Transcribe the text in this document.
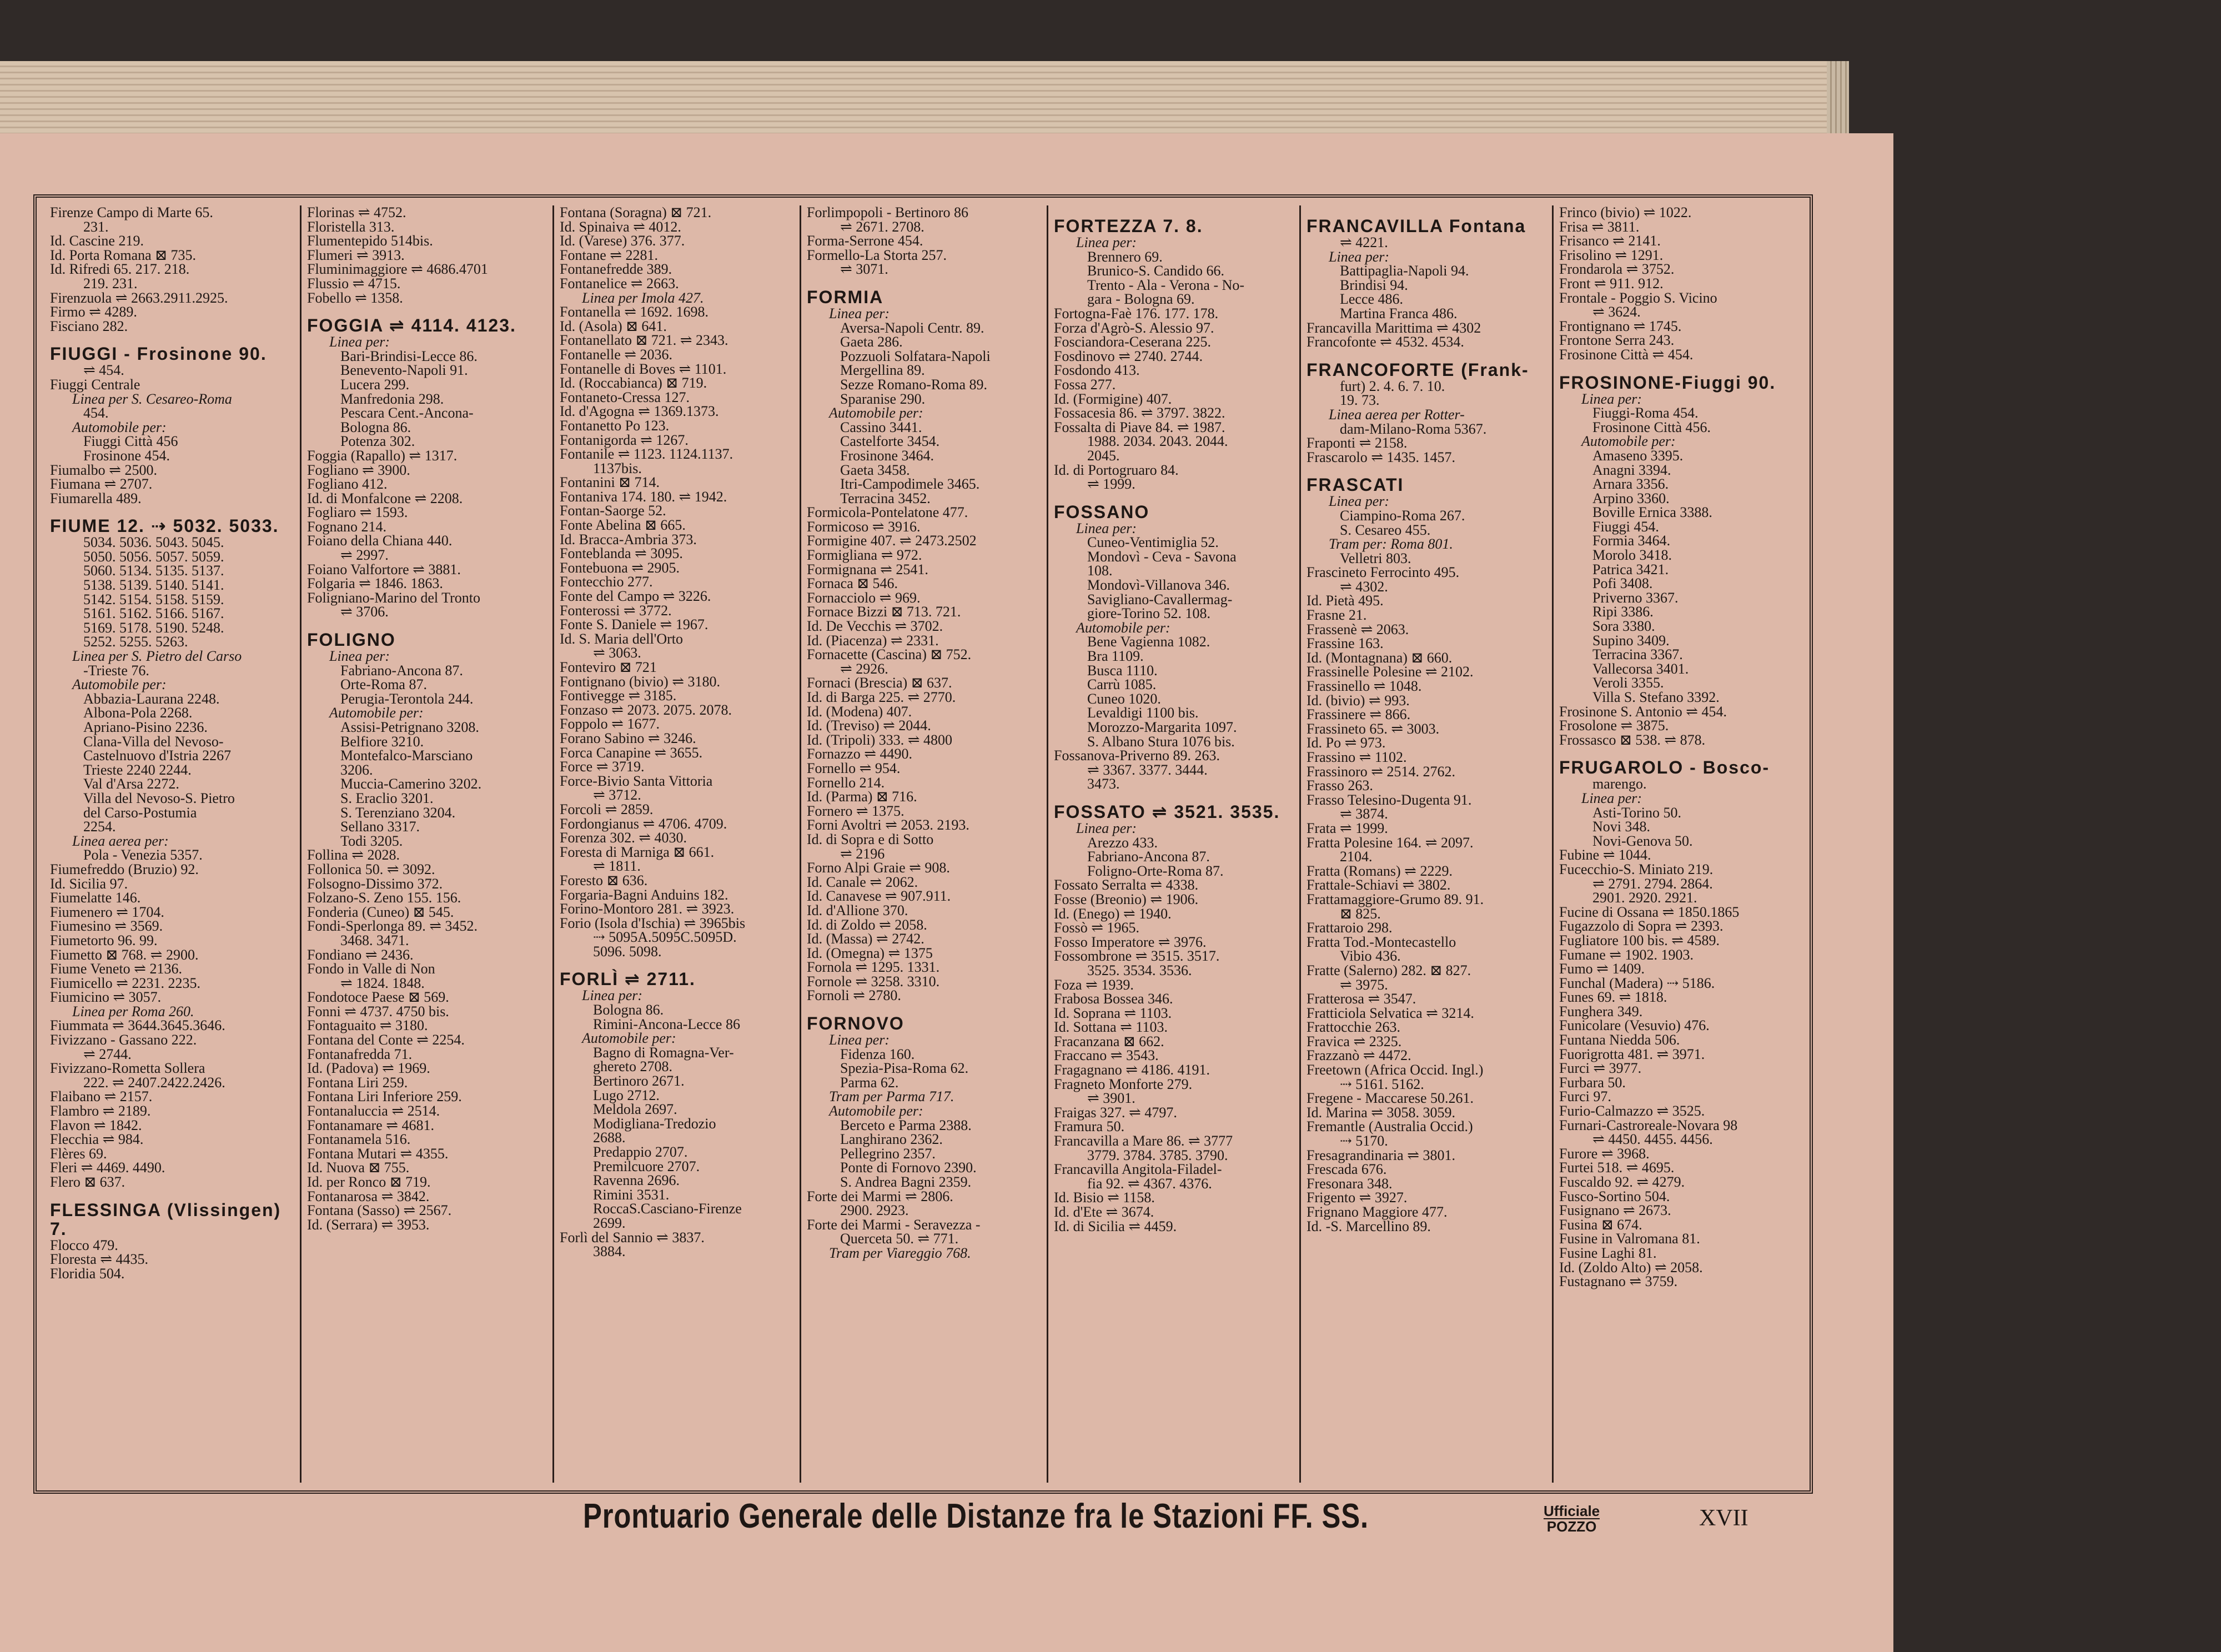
Firenze Campo di Marte 65.
231.
Id. Cascine 219.
Id. Porta Romana ⊠ 735.
Id. Rifredi 65. 217. 218.
219. 231.
Firenzuola ⇌ 2663.2911.2925.
Firmo ⇌ 4289.
Fisciano 282.
FIUGGI - Frosinone 90.
⇌ 454.
Fiuggi Centrale
Linea per S. Cesareo-Roma
454.
Automobile per:
Fiuggi Città 456
Frosinone 454.
Fiumalbo ⇌ 2500.
Fiumana ⇌ 2707.
Fiumarella 489.
FIUME 12. ⇢ 5032. 5033.
5034. 5036. 5043. 5045.
5050. 5056. 5057. 5059.
5060. 5134. 5135. 5137.
5138. 5139. 5140. 5141.
5142. 5154. 5158. 5159.
5161. 5162. 5166. 5167.
5169. 5178. 5190. 5248.
5252. 5255. 5263.
Linea per S. Pietro del Carso
-Trieste 76.
Automobile per:
Abbazia-Laurana 2248.
Albona-Pola 2268.
Apriano-Pisino 2236.
Clana-Villa del Nevoso-
Castelnuovo d'Istria 2267
Trieste 2240 2244.
Val d'Arsa 2272.
Villa del Nevoso-S. Pietro
del Carso-Postumia
2254.
Linea aerea per:
Pola - Venezia 5357.
Fiumefreddo (Bruzio) 92.
Id. Sicilia 97.
Fiumelatte 146.
Fiumenero ⇌ 1704.
Fiumesino ⇌ 3569.
Fiumetorto 96. 99.
Fiumetto ⊠ 768. ⇌ 2900.
Fiume Veneto ⇌ 2136.
Fiumicello ⇌ 2231. 2235.
Fiumicino ⇌ 3057.
Linea per Roma 260.
Fiummata ⇌ 3644.3645.3646.
Fivizzano - Gassano 222.
⇌ 2744.
Fivizzano-Rometta Sollera
222. ⇌ 2407.2422.2426.
Flaibano ⇌ 2157.
Flambro ⇌ 2189.
Flavon ⇌ 1842.
Flecchia ⇌ 984.
Flères 69.
Fleri ⇌ 4469. 4490.
Flero ⊠ 637.
FLESSINGA (Vlissingen) 7.
Flocco 479.
Floresta ⇌ 4435.
Floridia 504.
Florinas ⇌ 4752.
Floristella 313.
Flumentepido 514bis.
Flumeri ⇌ 3913.
Fluminimaggiore ⇌ 4686.4701
Flussio ⇌ 4715.
Fobello ⇌ 1358.
FOGGIA ⇌ 4114. 4123.
Linea per:
Bari-Brindisi-Lecce 86.
Benevento-Napoli 91.
Lucera 299.
Manfredonia 298.
Pescara Cent.-Ancona-
Bologna 86.
Potenza 302.
Foggia (Rapallo) ⇌ 1317.
Fogliano ⇌ 3900.
Fogliano 412.
Id. di Monfalcone ⇌ 2208.
Fogliaro ⇌ 1593.
Fognano 214.
Foiano della Chiana 440.
⇌ 2997.
Foiano Valfortore ⇌ 3881.
Folgaria ⇌ 1846. 1863.
Foligniano-Marino del Tronto
⇌ 3706.
FOLIGNO
Linea per:
Fabriano-Ancona 87.
Orte-Roma 87.
Perugia-Terontola 244.
Automobile per:
Assisi-Petrignano 3208.
Belfiore 3210.
Montefalco-Marsciano
3206.
Muccia-Camerino 3202.
S. Eraclio 3201.
S. Terenziano 3204.
Sellano 3317.
Todi 3205.
Follina ⇌ 2028.
Follonica 50. ⇌ 3092.
Folsogno-Dissimo 372.
Folzano-S. Zeno 155. 156.
Fonderia (Cuneo) ⊠ 545.
Fondi-Sperlonga 89. ⇌ 3452.
3468. 3471.
Fondiano ⇌ 2436.
Fondo in Valle di Non
⇌ 1824. 1848.
Fondotoce Paese ⊠ 569.
Fonni ⇌ 4737. 4750 bis.
Fontaguaito ⇌ 3180.
Fontana del Conte ⇌ 2254.
Fontanafredda 71.
Id. (Padova) ⇌ 1969.
Fontana Liri 259.
Fontana Liri Inferiore 259.
Fontanaluccia ⇌ 2514.
Fontanamare ⇌ 4681.
Fontanamela 516.
Fontana Mutari ⇌ 4355.
Id. Nuova ⊠ 755.
Id. per Ronco ⊠ 719.
Fontanarosa ⇌ 3842.
Fontana (Sasso) ⇌ 2567.
Id. (Serrara) ⇌ 3953.
Fontana (Soragna) ⊠ 721.
Id. Spinaiva ⇌ 4012.
Id. (Varese) 376. 377.
Fontane ⇌ 2281.
Fontanefredde 389.
Fontanelice ⇌ 2663.
Linea per Imola 427.
Fontanella ⇌ 1692. 1698.
Id. (Asola) ⊠ 641.
Fontanellato ⊠ 721. ⇌ 2343.
Fontanelle ⇌ 2036.
Fontanelle di Boves ⇌ 1101.
Id. (Roccabianca) ⊠ 719.
Fontaneto-Cressa 127.
Id. d'Agogna ⇌ 1369.1373.
Fontanetto Po 123.
Fontanigorda ⇌ 1267.
Fontanile ⇌ 1123. 1124.1137.
1137bis.
Fontanini ⊠ 714.
Fontaniva 174. 180. ⇌ 1942.
Fontan-Saorge 52.
Fonte Abelina ⊠ 665.
Id. Bracca-Ambria 373.
Fonteblanda ⇌ 3095.
Fontebuona ⇌ 2905.
Fontecchio 277.
Fonte del Campo ⇌ 3226.
Fonterossi ⇌ 3772.
Fonte S. Daniele ⇌ 1967.
Id. S. Maria dell'Orto
⇌ 3063.
Fonteviro ⊠ 721
Fontignano (bivio) ⇌ 3180.
Fontivegge ⇌ 3185.
Fonzaso ⇌ 2073. 2075. 2078.
Foppolo ⇌ 1677.
Forano Sabino ⇌ 3246.
Forca Canapine ⇌ 3655.
Force ⇌ 3719.
Force-Bivio Santa Vittoria
⇌ 3712.
Forcoli ⇌ 2859.
Fordongianus ⇌ 4706. 4709.
Forenza 302. ⇌ 4030.
Foresta di Marniga ⊠ 661.
⇌ 1811.
Foresto ⊠ 636.
Forgaria-Bagni Anduins 182.
Forino-Montoro 281. ⇌ 3923.
Forio (Isola d'Ischia) ⇌ 3965bis
⇢ 5095A.5095C.5095D.
5096. 5098.
FORLÌ ⇌ 2711.
Linea per:
Bologna 86.
Rimini-Ancona-Lecce 86
Automobile per:
Bagno di Romagna-Ver-
ghereto 2708.
Bertinoro 2671.
Lugo 2712.
Meldola 2697.
Modigliana-Tredozio
2688.
Predappio 2707.
Premilcuore 2707.
Ravenna 2696.
Rimini 3531.
RoccaS.Casciano-Firenze
2699.
Forlì del Sannio ⇌ 3837.
3884.
Forlimpopoli - Bertinoro 86
⇌ 2671. 2708.
Forma-Serrone 454.
Formello-La Storta 257.
⇌ 3071.
FORMIA
Linea per:
Aversa-Napoli Centr. 89.
Gaeta 286.
Pozzuoli Solfatara-Napoli
Mergellina 89.
Sezze Romano-Roma 89.
Sparanise 290.
Automobile per:
Cassino 3441.
Castelforte 3454.
Frosinone 3464.
Gaeta 3458.
Itri-Campodimele 3465.
Terracina 3452.
Formicola-Pontelatone 477.
Formicoso ⇌ 3916.
Formigine 407. ⇌ 2473.2502
Formigliana ⇌ 972.
Formignana ⇌ 2541.
Fornaca ⊠ 546.
Fornacciolo ⇌ 969.
Fornace Bizzi ⊠ 713. 721.
Id. De Vecchis ⇌ 3702.
Id. (Piacenza) ⇌ 2331.
Fornacette (Cascina) ⊠ 752.
⇌ 2926.
Fornaci (Brescia) ⊠ 637.
Id. di Barga 225. ⇌ 2770.
Id. (Modena) 407.
Id. (Treviso) ⇌ 2044.
Id. (Tripoli) 333. ⇌ 4800
Fornazzo ⇌ 4490.
Fornello ⇌ 954.
Fornello 214.
Id. (Parma) ⊠ 716.
Fornero ⇌ 1375.
Forni Avoltri ⇌ 2053. 2193.
Id. di Sopra e di Sotto
⇌ 2196
Forno Alpi Graie ⇌ 908.
Id. Canale ⇌ 2062.
Id. Canavese ⇌ 907.911.
Id. d'Allione 370.
Id. di Zoldo ⇌ 2058.
Id. (Massa) ⇌ 2742.
Id. (Omegna) ⇌ 1375
Fornola ⇌ 1295. 1331.
Fornole ⇌ 3258. 3310.
Fornoli ⇌ 2780.
FORNOVO
Linea per:
Fidenza 160.
Spezia-Pisa-Roma 62.
Parma 62.
Tram per Parma 717.
Automobile per:
Berceto e Parma 2388.
Langhirano 2362.
Pellegrino 2357.
Ponte di Fornovo 2390.
S. Andrea Bagni 2359.
Forte dei Marmi ⇌ 2806.
2900. 2923.
Forte dei Marmi - Seravezza -
Querceta 50. ⇌ 771.
Tram per Viareggio 768.
FORTEZZA 7. 8.
Linea per:
Brennero 69.
Brunico-S. Candido 66.
Trento - Ala - Verona - No-
gara - Bologna 69.
Fortogna-Faè 176. 177. 178.
Forza d'Agrò-S. Alessio 97.
Fosciandora-Ceserana 225.
Fosdinovo ⇌ 2740. 2744.
Fosdondo 413.
Fossa 277.
Id. (Formigine) 407.
Fossacesia 86. ⇌ 3797. 3822.
Fossalta di Piave 84. ⇌ 1987.
1988. 2034. 2043. 2044.
2045.
Id. di Portogruaro 84.
⇌ 1999.
FOSSANO
Linea per:
Cuneo-Ventimiglia 52.
Mondovì - Ceva - Savona
108.
Mondovì-Villanova 346.
Savigliano-Cavallermag-
giore-Torino 52. 108.
Automobile per:
Bene Vagienna 1082.
Bra 1109.
Busca 1110.
Carrù 1085.
Cuneo 1020.
Levaldigi 1100 bis.
Morozzo-Margarita 1097.
S. Albano Stura 1076 bis.
Fossanova-Priverno 89. 263.
⇌ 3367. 3377. 3444.
3473.
FOSSATO ⇌ 3521. 3535.
Linea per:
Arezzo 433.
Fabriano-Ancona 87.
Foligno-Orte-Roma 87.
Fossato Serralta ⇌ 4338.
Fosse (Breonio) ⇌ 1906.
Id. (Enego) ⇌ 1940.
Fossò ⇌ 1965.
Fosso Imperatore ⇌ 3976.
Fossombrone ⇌ 3515. 3517.
3525. 3534. 3536.
Foza ⇌ 1939.
Frabosa Bossea 346.
Id. Soprana ⇌ 1103.
Id. Sottana ⇌ 1103.
Fracanzana ⊠ 662.
Fraccano ⇌ 3543.
Fragagnano ⇌ 4186. 4191.
Fragneto Monforte 279.
⇌ 3901.
Fraigas 327. ⇌ 4797.
Framura 50.
Francavilla a Mare 86. ⇌ 3777
3779. 3784. 3785. 3790.
Francavilla Angitola-Filadel-
fia 92. ⇌ 4367. 4376.
Id. Bisio ⇌ 1158.
Id. d'Ete ⇌ 3674.
Id. di Sicilia ⇌ 4459.
FRANCAVILLA Fontana
⇌ 4221.
Linea per:
Battipaglia-Napoli 94.
Brindisi 94.
Lecce 486.
Martina Franca 486.
Francavilla Marittima ⇌ 4302
Francofonte ⇌ 4532. 4534.
FRANCOFORTE (Frank-
furt) 2. 4. 6. 7. 10.
19. 73.
Linea aerea per Rotter-
dam-Milano-Roma 5367.
Fraponti ⇌ 2158.
Frascarolo ⇌ 1435. 1457.
FRASCATI
Linea per:
Ciampino-Roma 267.
S. Cesareo 455.
Tram per: Roma 801.
Velletri 803.
Frascineto Ferrocinto 495.
⇌ 4302.
Id. Pietà 495.
Frasne 21.
Frassenè ⇌ 2063.
Frassine 163.
Id. (Montagnana) ⊠ 660.
Frassinelle Polesine ⇌ 2102.
Frassinello ⇌ 1048.
Id. (bivio) ⇌ 993.
Frassinere ⇌ 866.
Frassineto 65. ⇌ 3003.
Id. Po ⇌ 973.
Frassino ⇌ 1102.
Frassinoro ⇌ 2514. 2762.
Frasso 263.
Frasso Telesino-Dugenta 91.
⇌ 3874.
Frata ⇌ 1999.
Fratta Polesine 164. ⇌ 2097.
2104.
Fratta (Romans) ⇌ 2229.
Frattale-Schiavi ⇌ 3802.
Frattamaggiore-Grumo 89. 91.
⊠ 825.
Frattaroio 298.
Fratta Tod.-Montecastello
Vibio 436.
Fratte (Salerno) 282. ⊠ 827.
⇌ 3975.
Fratterosa ⇌ 3547.
Fratticiola Selvatica ⇌ 3214.
Frattocchie 263.
Fravica ⇌ 2325.
Frazzanò ⇌ 4472.
Freetown (Africa Occid. Ingl.)
⇢ 5161. 5162.
Fregene - Maccarese 50.261.
Id. Marina ⇌ 3058. 3059.
Fremantle (Australia Occid.)
⇢ 5170.
Fresagrandinaria ⇌ 3801.
Frescada 676.
Fresonara 348.
Frigento ⇌ 3927.
Frignano Maggiore 477.
Id. -S. Marcellino 89.
Frinco (bivio) ⇌ 1022.
Frisa ⇌ 3811.
Frisanco ⇌ 2141.
Frisolino ⇌ 1291.
Frondarola ⇌ 3752.
Front ⇌ 911. 912.
Frontale - Poggio S. Vicino
⇌ 3624.
Frontignano ⇌ 1745.
Frontone Serra 243.
Frosinone Città ⇌ 454.
FROSINONE-Fiuggi 90.
Linea per:
Fiuggi-Roma 454.
Frosinone Città 456.
Automobile per:
Amaseno 3395.
Anagni 3394.
Arnara 3356.
Arpino 3360.
Boville Ernica 3388.
Fiuggi 454.
Formia 3464.
Morolo 3418.
Patrica 3421.
Pofi 3408.
Priverno 3367.
Ripi 3386.
Sora 3380.
Supino 3409.
Terracina 3367.
Vallecorsa 3401.
Veroli 3355.
Villa S. Stefano 3392.
Frosinone S. Antonio ⇌ 454.
Frosolone ⇌ 3875.
Frossasco ⊠ 538. ⇌ 878.
FRUGAROLO - Bosco-
marengo.
Linea per:
Asti-Torino 50.
Novi 348.
Novi-Genova 50.
Fubine ⇌ 1044.
Fucecchio-S. Miniato 219.
⇌ 2791. 2794. 2864.
2901. 2920. 2921.
Fucine di Ossana ⇌ 1850.1865
Fugazzolo di Sopra ⇌ 2393.
Fugliatore 100 bis. ⇌ 4589.
Fumane ⇌ 1902. 1903.
Fumo ⇌ 1409.
Funchal (Madera) ⇢ 5186.
Funes 69. ⇌ 1818.
Funghera 349.
Funicolare (Vesuvio) 476.
Funtana Niedda 506.
Fuorigrotta 481. ⇌ 3971.
Furci ⇌ 3977.
Furbara 50.
Furci 97.
Furio-Calmazzo ⇌ 3525.
Furnari-Castroreale-Novara 98
⇌ 4450. 4455. 4456.
Furore ⇌ 3968.
Furtei 518. ⇌ 4695.
Fuscaldo 92. ⇌ 4279.
Fusco-Sortino 504.
Fusignano ⇌ 2673.
Fusina ⊠ 674.
Fusine in Valromana 81.
Fusine Laghi 81.
Id. (Zoldo Alto) ⇌ 2058.
Fustagnano ⇌ 3759.
Prontuario Generale delle Distanze fra le Stazioni FF. SS.	Ufficiale
POZZO	XVII
